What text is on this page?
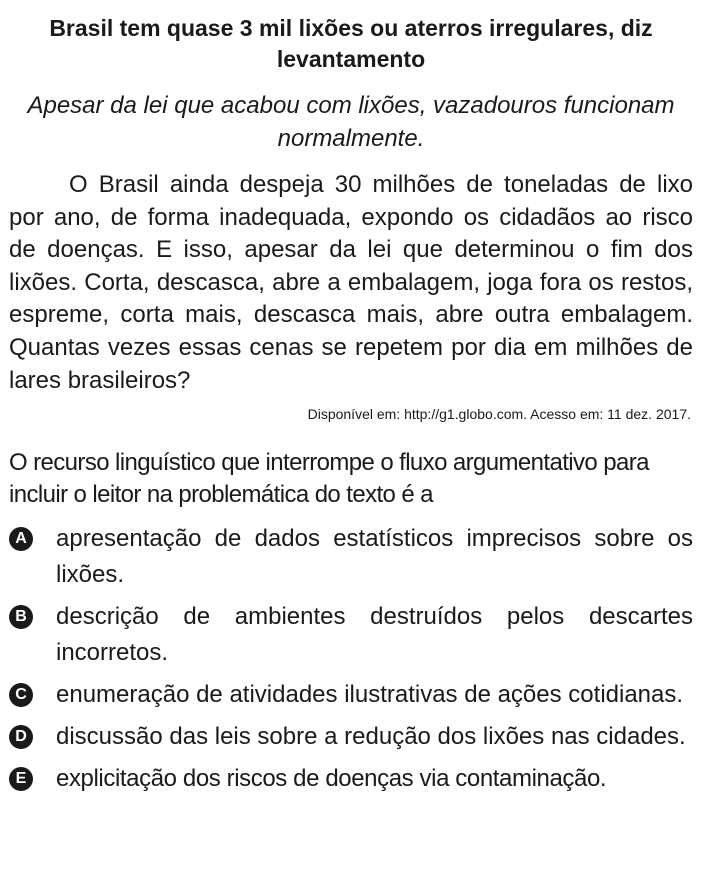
Brasil tem quase 3 mil lixões ou aterros irregulares, diz levantamento

Apesar da lei que acabou com lixões, vazadouros funcionam normalmente.

O Brasil ainda despeja 30 milhões de toneladas de lixo por ano, de forma inadequada, expondo os cidadãos ao risco de doenças. E isso, apesar da lei que determinou o fim dos lixões. Corta, descasca, abre a embalagem, joga fora os restos, espreme, corta mais, descasca mais, abre outra embalagem. Quantas vezes essas cenas se repetem por dia em milhões de lares brasileiros?

Disponível em: http://g1.globo.com. Acesso em: 11 dez. 2017.

O recurso linguístico que interrompe o fluxo argumentativo para incluir o leitor na problemática do texto é a

A apresentação de dados estatísticos imprecisos sobre os lixões.
B descrição de ambientes destruídos pelos descartes incorretos.
C enumeração de atividades ilustrativas de ações cotidianas.
D discussão das leis sobre a redução dos lixões nas cidades.
E explicitação dos riscos de doenças via contaminação.
